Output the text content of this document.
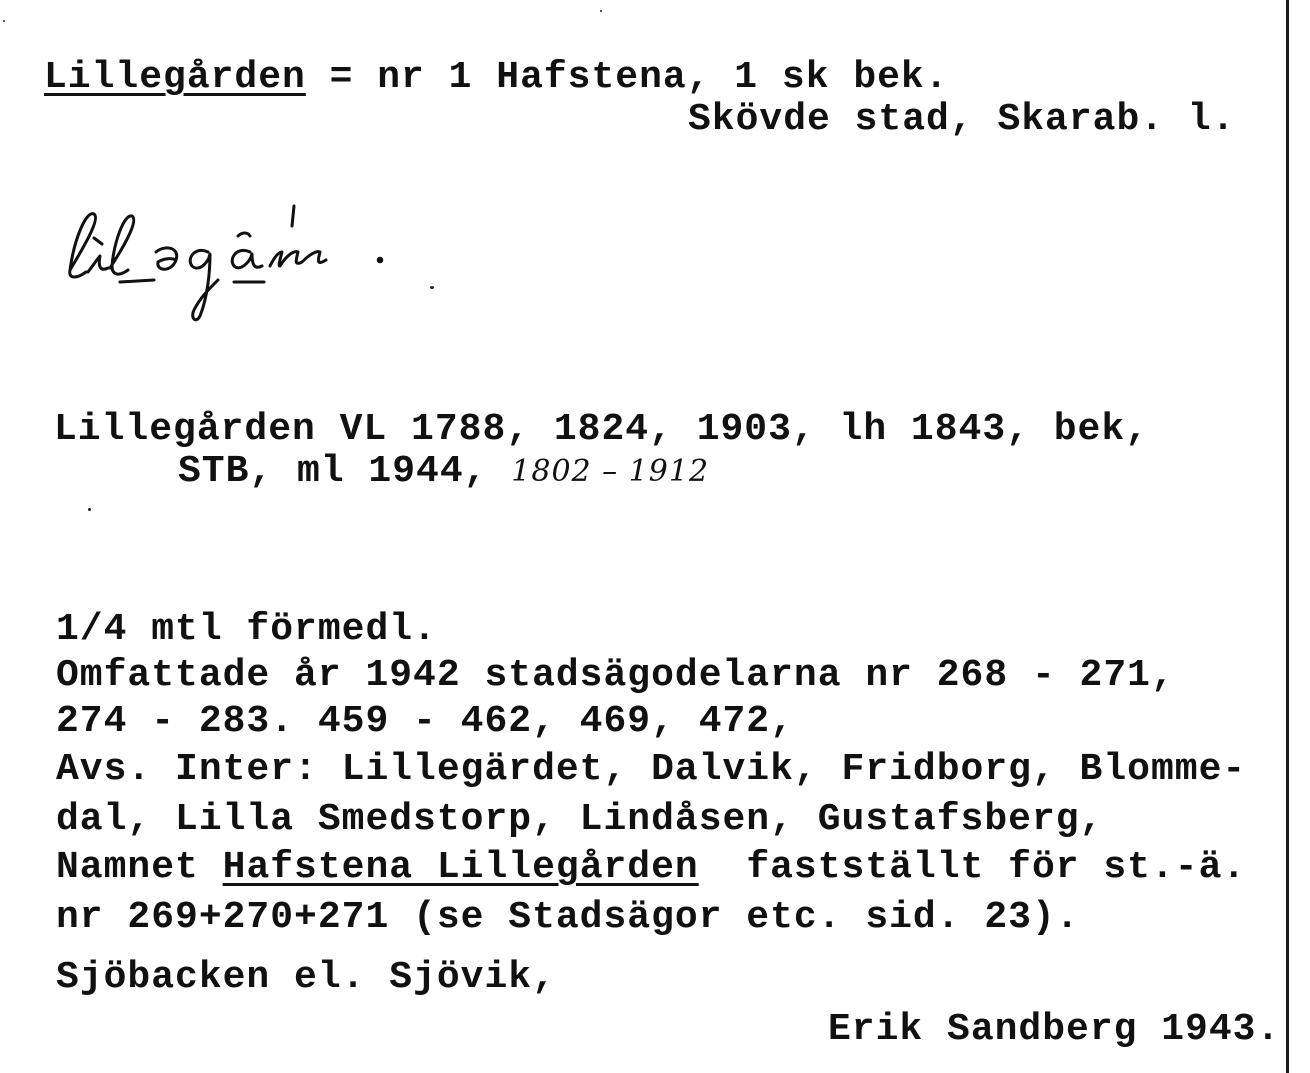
Lillegården = nr 1 Hafstena, 1 sk bek.
Skövde stad, Skarab. l.
Lillegården VL 1788, 1824, 1903, lh 1843, bek,
STB, ml 1944, 1802 – 1912
1/4 mtl förmedl.
Omfattade år 1942 stadsägodelarna nr 268 - 271,
274 - 283. 459 - 462, 469, 472,
Avs. Inter: Lillegärdet, Dalvik, Fridborg, Blomme-
dal, Lilla Smedstorp, Lindåsen, Gustafsberg,
Namnet Hafstena Lillegården  fastställt för st.-ä.
nr 269+270+271 (se Stadsägor etc. sid. 23).
Sjöbacken el. Sjövik,
Erik Sandberg 1943.
